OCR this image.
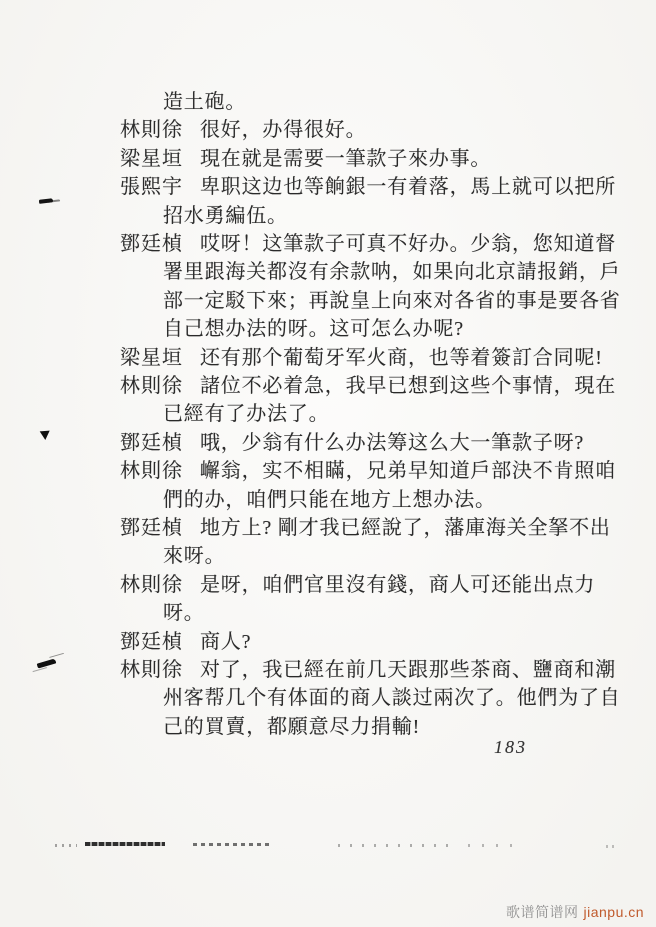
造土砲。
林則徐 很好，办得很好。
梁星垣 現在就是需要一筆款子來办事。
張熙宇 卑职这边也等餉銀一有着落，馬上就可以把所
招水勇編伍。
鄧廷楨 哎呀！这筆款子可真不好办。少翁，您知道督
署里跟海关都沒有余款呐，如果向北京請报銷，戶
部一定駁下來；再說皇上向來对各省的事是要各省
自己想办法的呀。这可怎么办呢?
梁星垣 还有那个葡萄牙军火商，也等着簽訂合同呢!
林則徐 諸位不必着急，我早已想到这些个事情，現在
已經有了办法了。
鄧廷楨 哦，少翁有什么办法筹这么大一筆款子呀?
林則徐 嶰翁，实不相瞞，兄弟早知道戶部決不肯照咱
們的办，咱們只能在地方上想办法。
鄧廷楨 地方上? 剛才我已經說了，藩庫海关全拏不出
來呀。
林則徐 是呀，咱們官里沒有錢，商人可还能出点力
呀。
鄧廷楨 商人?
林則徐 对了，我已經在前几天跟那些茶商、鹽商和潮
州客帮几个有体面的商人談过兩次了。他們为了自
己的買賣，都願意尽力捐輸!
183
歌谱简谱网 jianpu.cn
